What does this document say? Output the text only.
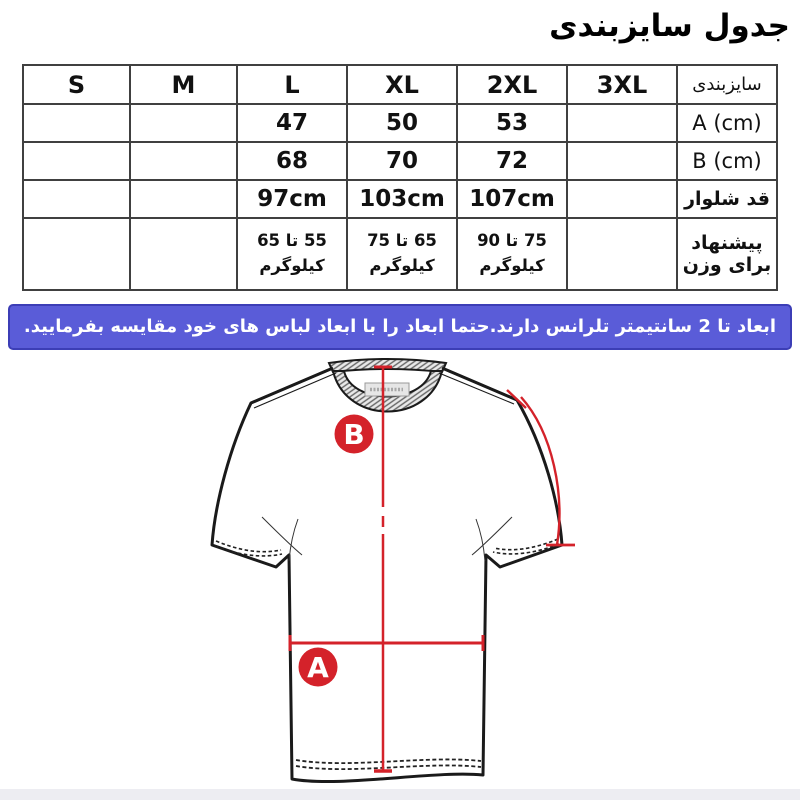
جدول سایزبندی
S	M	L	XL	2XL	3XL	سایزبندی
		47	50	53		A (cm)
		68	70	72		B (cm)
		97cm	103cm	107cm		قد شلوار
		55 تا 65 کیلوگرم	65 تا 75 کیلوگرم	75 تا 90 کیلوگرم		پیشنهاد برای وزن
ابعاد تا 2 سانتیمتر تلرانس دارند.حتما ابعاد را با ابعاد لباس های خود مقایسه بفرمایید.
B
A
